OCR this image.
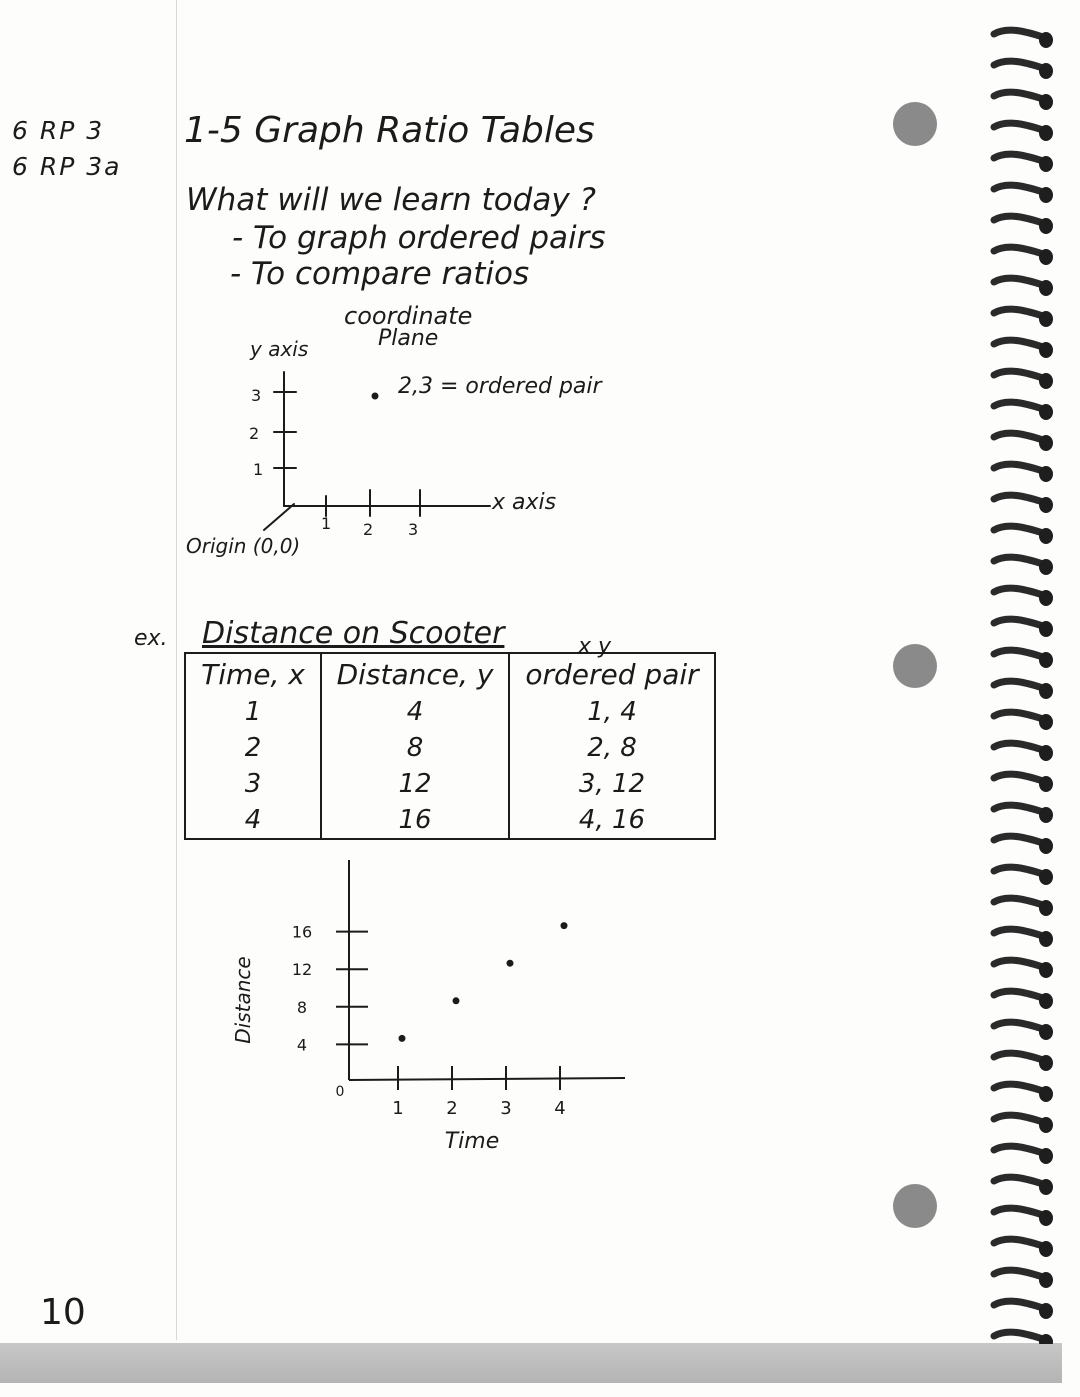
6 RP 3
6 RP 3a
1-5 Graph Ratio Tables
What will we learn today ?
- To graph ordered pairs
- To compare ratios
coordinate
Plane
y axis
2,3 = ordered pair
x axis
Origin (0,0)
3
2
1
1 2 3
ex. Distance on Scooter	x y
Time, x	Distance, y	ordered pair
1	4	1, 4
2	8	2, 8
3	12	3, 12
4	16	4, 16
4
8
12
16
1 2 3 4
0
Time
Distance
10
